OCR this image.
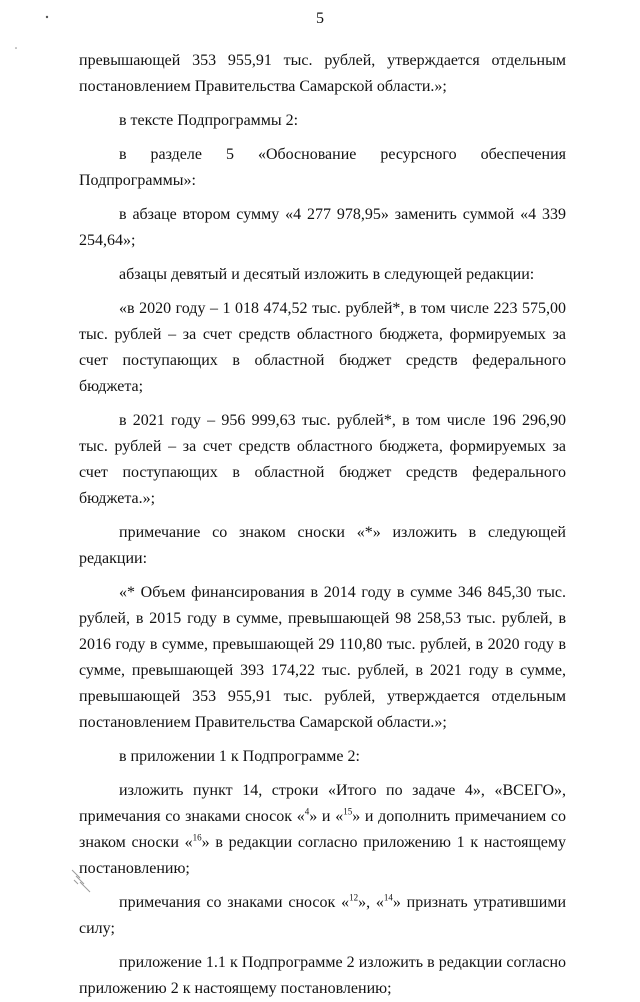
5

превышающей 353 955,91 тыс. рублей, утверждается отдельным постановлением Правительства Самарской области.»;

в тексте Подпрограммы 2:

в разделе 5 «Обоснование ресурсного обеспечения Подпрограммы»:

в абзаце втором сумму «4 277 978,95» заменить суммой «4 339 254,64»;

абзацы девятый и десятый изложить в следующей редакции:

«в 2020 году – 1 018 474,52 тыс. рублей*, в том числе 223 575,00 тыс. рублей – за счет средств областного бюджета, формируемых за счет поступающих в областной бюджет средств федерального бюджета;

в 2021 году – 956 999,63 тыс. рублей*, в том числе 196 296,90 тыс. рублей – за счет средств областного бюджета, формируемых за счет поступающих в областной бюджет средств федерального бюджета.»;

примечание со знаком сноски «*» изложить в следующей редакции:

«* Объем финансирования в 2014 году в сумме 346 845,30 тыс. рублей, в 2015 году в сумме, превышающей 98 258,53 тыс. рублей, в 2016 году в сумме, превышающей 29 110,80 тыс. рублей, в 2020 году в сумме, превышающей 393 174,22 тыс. рублей, в 2021 году в сумме, превышающей 353 955,91 тыс. рублей, утверждается отдельным постановлением Правительства Самарской области.»;

в приложении 1 к Подпрограмме 2:

изложить пункт 14, строки «Итого по задаче 4», «ВСЕГО», примечания со знаками сносок «$^4$» и «$^{15}$» и дополнить примечанием со знаком сноски «$^{16}$» в редакции согласно приложению 1 к настоящему постановлению;

примечания со знаками сносок «$^{12}$», «$^{14}$» признать утратившими силу;

приложение 1.1 к Подпрограмме 2 изложить в редакции согласно приложению 2 к настоящему постановлению;
